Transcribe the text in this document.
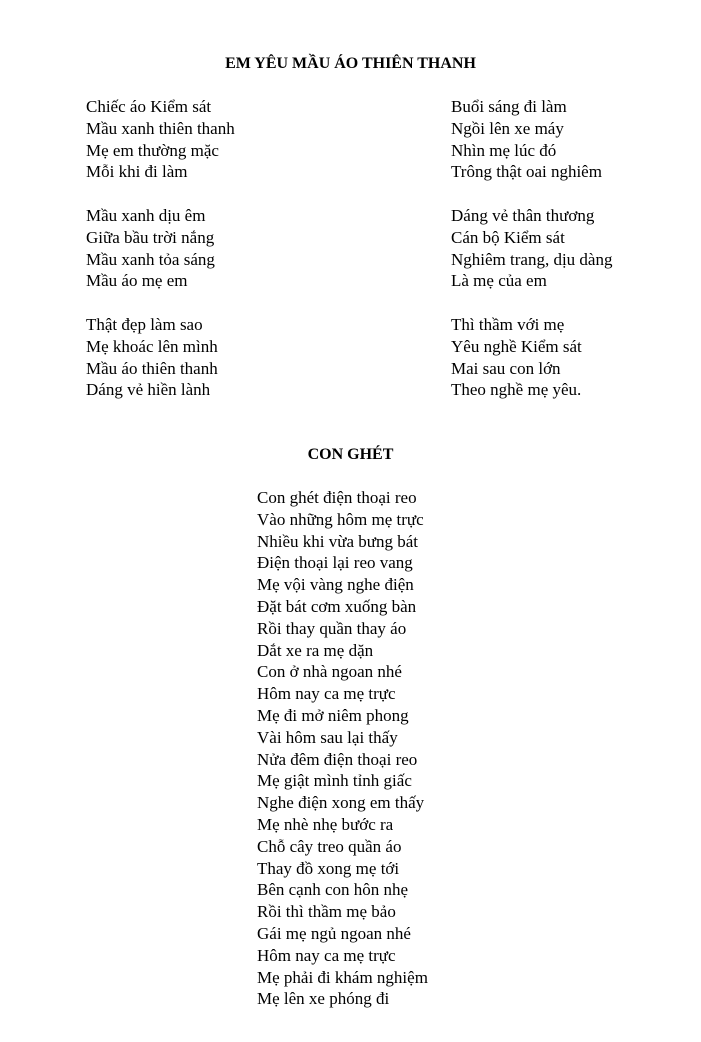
EM YÊU MẦU ÁO THIÊN THANH
Chiếc áo Kiểm sát
Mầu xanh thiên thanh
Mẹ em thường mặc
Mỗi khi đi làm
Mầu xanh dịu êm
Giữa bầu trời nắng
Mầu xanh tỏa sáng
Mầu áo mẹ em
Thật đẹp làm sao
Mẹ khoác lên mình
Mầu áo thiên thanh
Dáng vẻ hiền lành
Buổi sáng đi làm
Ngồi lên xe máy
Nhìn mẹ lúc đó
Trông thật oai nghiêm
Dáng vẻ thân thương
Cán bộ Kiểm sát
Nghiêm trang, dịu dàng
Là mẹ của em
Thì thầm với mẹ
Yêu nghề Kiểm sát
Mai sau con lớn
Theo nghề mẹ yêu.
CON GHÉT
Con ghét điện thoại reo
Vào những hôm mẹ trực
Nhiều khi vừa bưng bát
Điện thoại lại reo vang
Mẹ vội vàng nghe điện
Đặt bát cơm xuống bàn
Rồi thay quần thay áo
Dắt xe ra mẹ dặn
Con ở nhà ngoan nhé
Hôm nay ca mẹ trực
Mẹ đi mở niêm phong
Vài hôm sau lại thấy
Nửa đêm điện thoại reo
Mẹ giật mình tỉnh giấc
Nghe điện xong em thấy
Mẹ nhè nhẹ bước ra
Chỗ cây treo quần áo
Thay đồ xong mẹ tới
Bên cạnh con hôn nhẹ
Rồi thì thầm mẹ bảo
Gái mẹ ngủ ngoan nhé
Hôm nay ca mẹ trực
Mẹ phải đi khám nghiệm
Mẹ lên xe phóng đi
